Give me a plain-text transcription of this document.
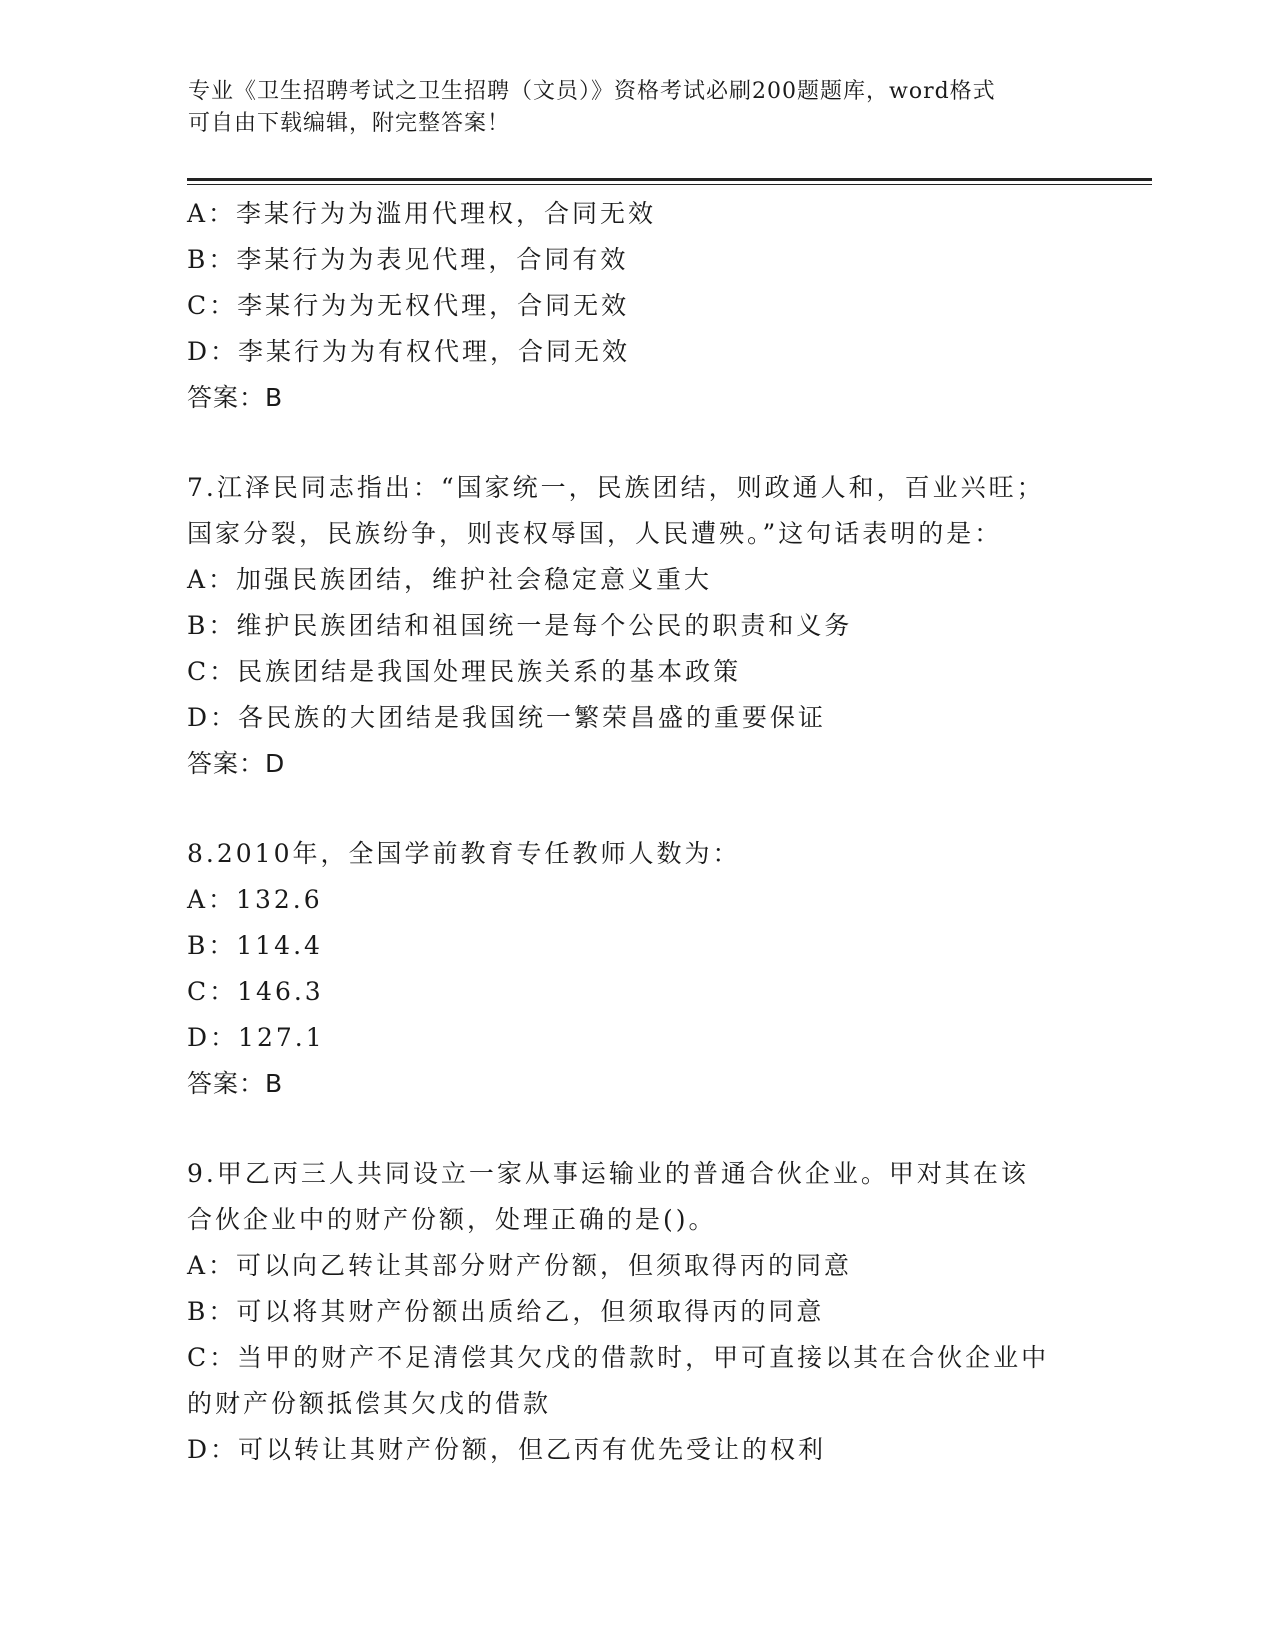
专业《卫生招聘考试之卫生招聘（文员）》资格考试必刷200题题库，word格式
可自由下载编辑，附完整答案！
A：李某行为为滥用代理权，合同无效
B：李某行为为表见代理，合同有效
C：李某行为为无权代理，合同无效
D：李某行为为有权代理，合同无效
答案：B
7.江泽民同志指出：“国家统一，民族团结，则政通人和，百业兴旺；
国家分裂，民族纷争，则丧权辱国，人民遭殃。”这句话表明的是：
A：加强民族团结，维护社会稳定意义重大
B：维护民族团结和祖国统一是每个公民的职责和义务
C：民族团结是我国处理民族关系的基本政策
D：各民族的大团结是我国统一繁荣昌盛的重要保证
答案：D
8.2010年，全国学前教育专任教师人数为：
A：132.6
B：114.4
C：146.3
D：127.1
答案：B
9.甲乙丙三人共同设立一家从事运输业的普通合伙企业。甲对其在该
合伙企业中的财产份额，处理正确的是()。
A：可以向乙转让其部分财产份额，但须取得丙的同意
B：可以将其财产份额出质给乙，但须取得丙的同意
C：当甲的财产不足清偿其欠戊的借款时，甲可直接以其在合伙企业中
的财产份额抵偿其欠戊的借款
D：可以转让其财产份额，但乙丙有优先受让的权利
